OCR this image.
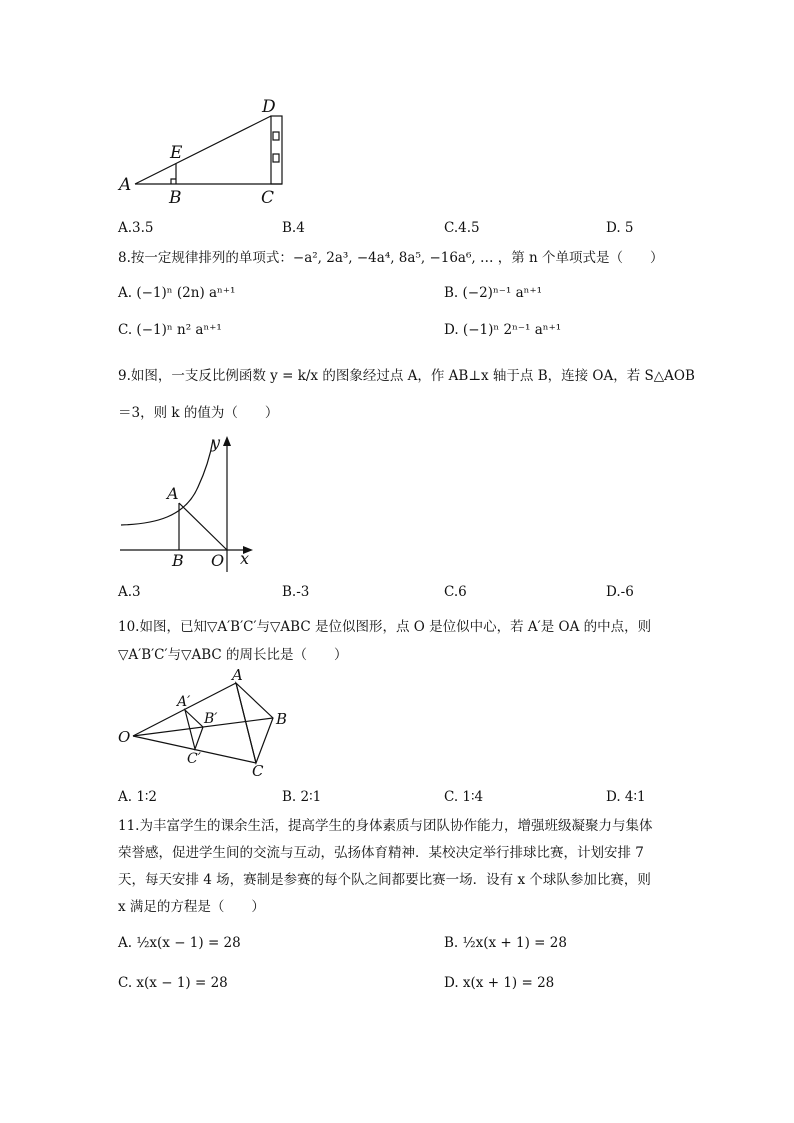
D
E
A
B	C
A.3.5	B.4	C.4.5	D. 5
8.按一定规律排列的单项式：−a², 2a³, −4a⁴, 8a⁵, −16a⁶, … ，第 n 个单项式是（　　）
A. (−1)ⁿ (2n) aⁿ⁺¹	B. (−2)ⁿ⁻¹ aⁿ⁺¹
C. (−1)ⁿ n² aⁿ⁺¹	D. (−1)ⁿ 2ⁿ⁻¹ aⁿ⁺¹
9.如图，一支反比例函数 y = k/x 的图象经过点 A，作 AB⊥x 轴于点 B，连接 OA，若 S△AOB
＝3，则 k 的值为（　　）
y
A
B O x
A.3	B.-3	C.6	D.-6
10.如图，已知▽A′B′C′与▽ABC 是位似图形，点 O 是位似中心，若 A′是 OA 的中点，则
▽A′B′C′与▽ABC 的周长比是（　　）
A
B
C
O
A′
B′
C′
A. 1∶2	B. 2∶1	C. 1∶4	D. 4∶1
11.为丰富学生的课余生活，提高学生的身体素质与团队协作能力，增强班级凝聚力与集体
荣誉感，促进学生间的交流与互动，弘扬体育精神．某校决定举行排球比赛，计划安排 7
天，每天安排 4 场，赛制是参赛的每个队之间都要比赛一场．设有 x 个球队参加比赛，则
x 满足的方程是（　　）
A. ½x(x − 1) = 28	B. ½x(x + 1) = 28
C. x(x − 1) = 28	D. x(x + 1) = 28
